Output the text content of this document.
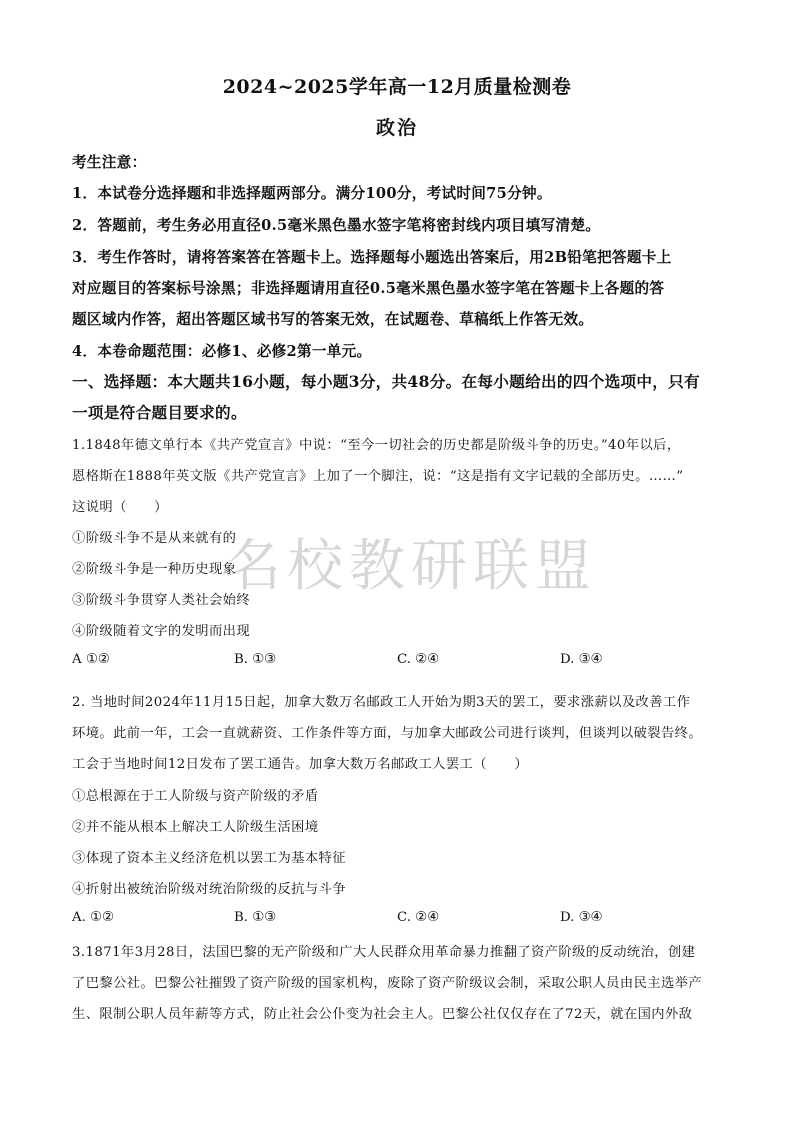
名校教研联盟
2024~2025学年高一12月质量检测卷
政治
考生注意：
1．本试卷分选择题和非选择题两部分。满分100分，考试时间75分钟。
2．答题前，考生务必用直径0.5毫米黑色墨水签字笔将密封线内项目填写清楚。
3．考生作答时，请将答案答在答题卡上。选择题每小题选出答案后，用2B铅笔把答题卡上
对应题目的答案标号涂黑；非选择题请用直径0.5毫米黑色墨水签字笔在答题卡上各题的答
题区域内作答，超出答题区域书写的答案无效，在试题卷、草稿纸上作答无效。
4．本卷命题范围：必修1、必修2第一单元。
一、选择题：本大题共16小题，每小题3分，共48分。在每小题给出的四个选项中，只有
一项是符合题目要求的。
1.1848年德文单行本《共产党宣言》中说：“至今一切社会的历史都是阶级斗争的历史。”40年以后，
恩格斯在1888年英文版《共产党宣言》上加了一个脚注，说：“这是指有文字记载的全部历史。……”
这说明（　　）
①阶级斗争不是从来就有的
②阶级斗争是一种历史现象
③阶级斗争贯穿人类社会始终
④阶级随着文字的发明而出现
A ①②	B. ①③	C. ②④	D. ③④
2. 当地时间2024年11月15日起，加拿大数万名邮政工人开始为期3天的罢工，要求涨薪以及改善工作
环境。此前一年，工会一直就薪资、工作条件等方面，与加拿大邮政公司进行谈判，但谈判以破裂告终。
工会于当地时间12日发布了罢工通告。加拿大数万名邮政工人罢工（　　）
①总根源在于工人阶级与资产阶级的矛盾
②并不能从根本上解决工人阶级生活困境
③体现了资本主义经济危机以罢工为基本特征
④折射出被统治阶级对统治阶级的反抗与斗争
A. ①②	B. ①③	C. ②④	D. ③④
3.1871年3月28日，法国巴黎的无产阶级和广大人民群众用革命暴力推翻了资产阶级的反动统治，创建
了巴黎公社。巴黎公社摧毁了资产阶级的国家机构，废除了资产阶级议会制，采取公职人员由民主选举产
生、限制公职人员年薪等方式，防止社会公仆变为社会主人。巴黎公社仅仅存在了72天，就在国内外敌
